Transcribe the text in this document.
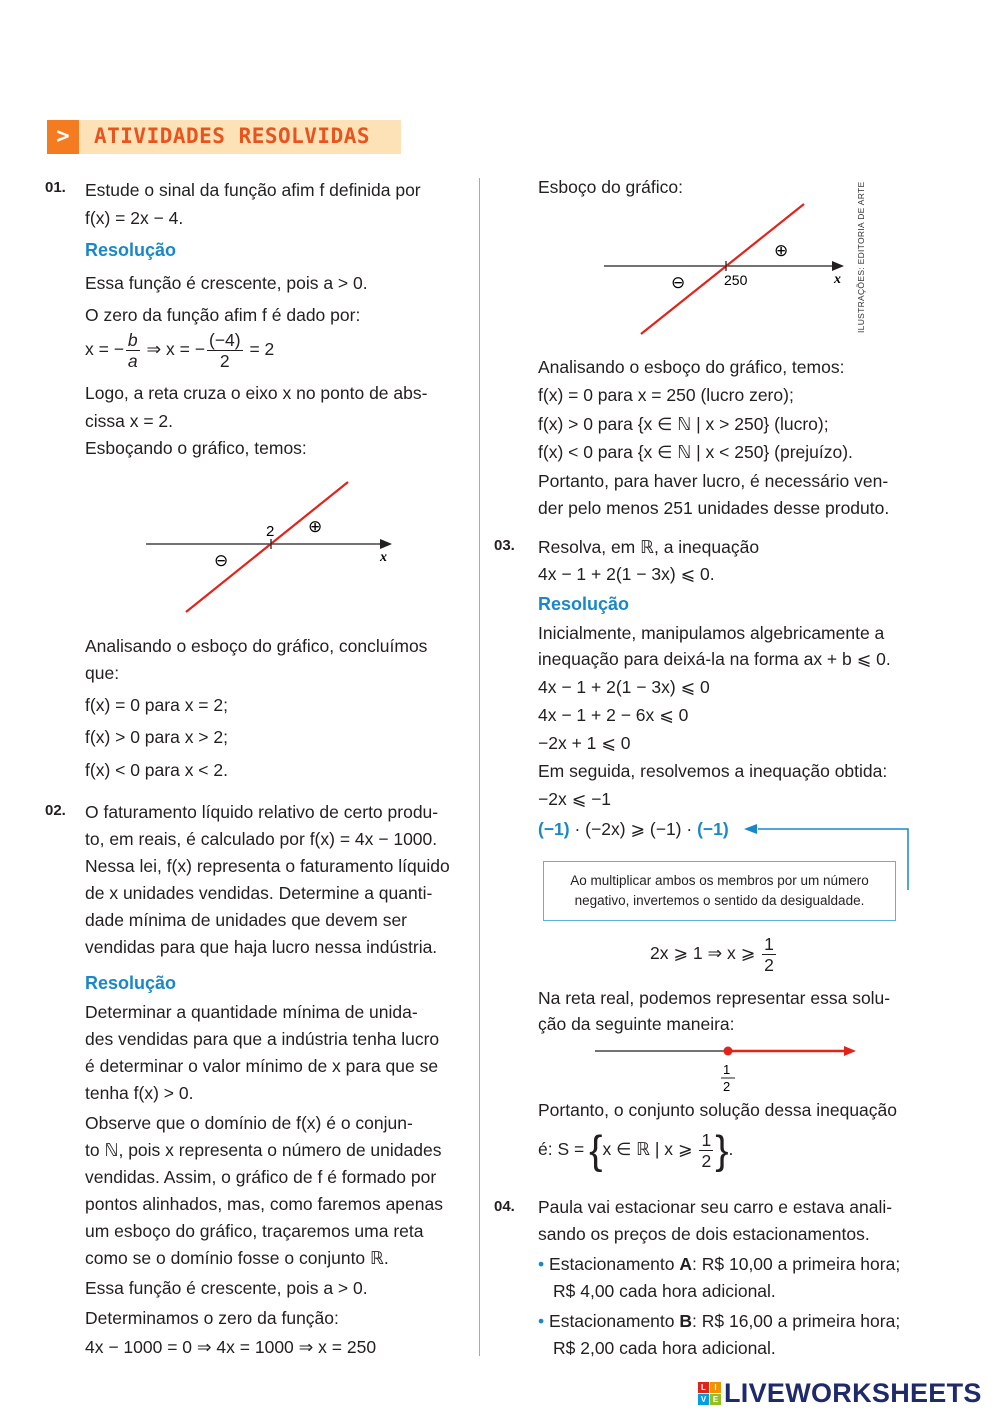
>	ATIVIDADES RESOLVIDAS
01. Estude o sinal da função afim f definida por
f(x) = 2x − 4.
Resolução
Essa função é crescente, pois a > 0.
O zero da função afim f é dado por:
x = − $\frac{b}{a}$ ⇒ x = − $\frac{(-4)}{2} = 2$
Logo, a reta cruza o eixo x no ponto de abs-
cissa x = 2.
Esboçando o gráfico, temos:
2
x
⊖
⊕
Analisando o esboço do gráfico, concluímos
que:
f(x) = 0 para x = 2;
f(x) > 0 para x > 2;
f(x) < 0 para x < 2.
02. O faturamento líquido relativo de certo produ-
to, em reais, é calculado por f(x) = 4x − 1000.
Nessa lei, f(x) representa o faturamento líquido
de x unidades vendidas. Determine a quanti-
dade mínima de unidades que devem ser
vendidas para que haja lucro nessa indústria.
Resolução
Determinar a quantidade mínima de unida-
des vendidas para que a indústria tenha lucro
é determinar o valor mínimo de x para que se
tenha f(x) > 0.
Observe que o domínio de f(x) é o conjun-
to ℕ, pois x representa o número de unidades
vendidas. Assim, o gráfico de f é formado por
pontos alinhados, mas, como faremos apenas
um esboço do gráfico, traçaremos uma reta
como se o domínio fosse o conjunto ℝ.
Essa função é crescente, pois a > 0.
Determinamos o zero da função:
4x − 1000 = 0 ⇒ 4x = 1000 ⇒ x = 250
Esboço do gráfico:
250	x
⊖
⊕	ILUSTRAÇÕES: EDITORIA DE ARTE
Analisando o esboço do gráfico, temos:
f(x) = 0 para x = 250 (lucro zero);
f(x) > 0 para {x ∈ ℕ | x > 250} (lucro);
f(x) < 0 para {x ∈ ℕ | x < 250} (prejuízo).
Portanto, para haver lucro, é necessário ven-
der pelo menos 251 unidades desse produto.
03. Resolva, em ℝ, a inequação
4x − 1 + 2(1 − 3x) ⩽ 0.
Resolução
Inicialmente, manipulamos algebricamente a
inequação para deixá-la na forma ax + b ⩽ 0.
4x − 1 + 2(1 − 3x) ⩽ 0
4x − 1 + 2 − 6x ⩽ 0
−2x + 1 ⩽ 0
Em seguida, resolvemos a inequação obtida:
−2x ⩽ −1
(−1) · (−2x) ⩾ (−1) · (−1)
Ao multiplicar ambos os membros por um número negativo, invertemos o sentido da desigualdade.
2x ⩾ 1 ⇒ x ⩾ $\frac{1}{2}$
Na reta real, podemos representar essa solu-
ção da seguinte maneira:
1
2
Portanto, o conjunto solução dessa inequação
é: S = {x ∈ ℝ | x ⩾ $\frac{1}{2}$ }.
04. Paula vai estacionar seu carro e estava anali-
sando os preços de dois estacionamentos.
• Estacionamento A: R$ 10,00 a primeira hora;
R$ 4,00 cada hora adicional.
• Estacionamento B: R$ 16,00 a primeira hora;
R$ 2,00 cada hora adicional.
L	I
V E LIVEWORKSHEETS
